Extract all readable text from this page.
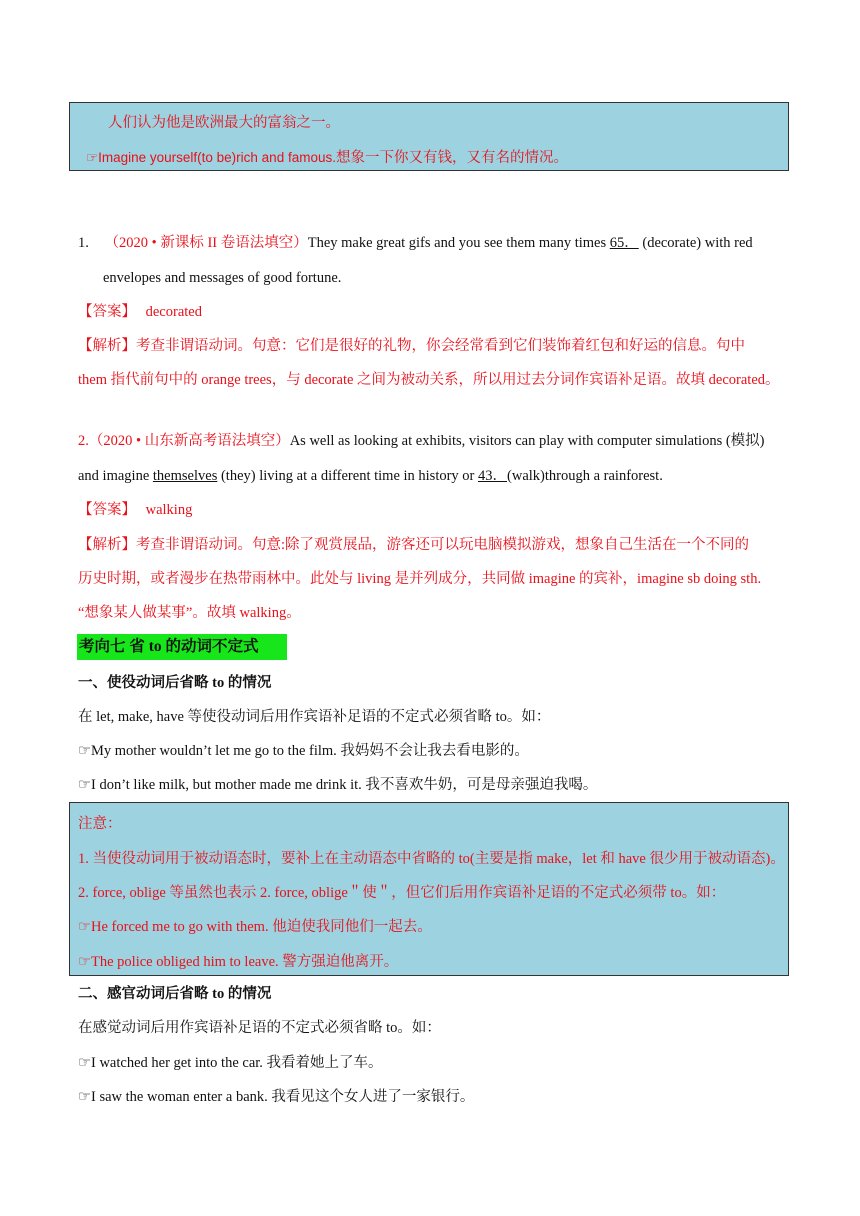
人们认为他是欧洲最大的富翁之一。
☞Imagine yourself(to be)rich and famous.想象一下你又有钱，又有名的情况。
1. （2020 • 新课标 II 卷语法填空）They make great gifs and you see them many times 65． (decorate) with red
envelopes and messages of good fortune.
【答案】 decorated
【解析】考查非谓语动词。句意：它们是很好的礼物，你会经常看到它们装饰着红包和好运的信息。句中
them 指代前句中的 orange trees，与 decorate 之间为被动关系，所以用过去分词作宾语补足语。故填 decorated。
2.（2020 • 山东新高考语法填空）As well as looking at exhibits, visitors can play with computer simulations (模拟)
and imagine themselves (they) living at a different time in history or 43．(walk)through a rainforest.
【答案】 walking
【解析】考查非谓语动词。句意:除了观赏展品，游客还可以玩电脑模拟游戏，想象自己生活在一个不同的
历史时期，或者漫步在热带雨林中。此处与 living 是并列成分，共同做 imagine 的宾补，imagine sb doing sth.
“想象某人做某事”。故填 walking。
考向七 省 to 的动词不定式
一、使役动词后省略 to 的情况
在 let, make, have 等使役动词后用作宾语补足语的不定式必须省略 to。如：
☞My mother wouldn’t let me go to the film. 我妈妈不会让我去看电影的。
☞I don’t like milk, but mother made me drink it. 我不喜欢牛奶，可是母亲强迫我喝。
注意：
1. 当使役动词用于被动语态时，要补上在主动语态中省略的 to(主要是指 make，let 和 have 很少用于被动语态)。
2. force, oblige 等虽然也表示 2. force, oblige＂使＂，但它们后用作宾语补足语的不定式必须带 to。如：
☞He forced me to go with them. 他迫使我同他们一起去。
☞The police obliged him to leave. 警方强迫他离开。
二、感官动词后省略 to 的情况
在感觉动词后用作宾语补足语的不定式必须省略 to。如：
☞I watched her get into the car. 我看着她上了车。
☞I saw the woman enter a bank. 我看见这个女人进了一家银行。
